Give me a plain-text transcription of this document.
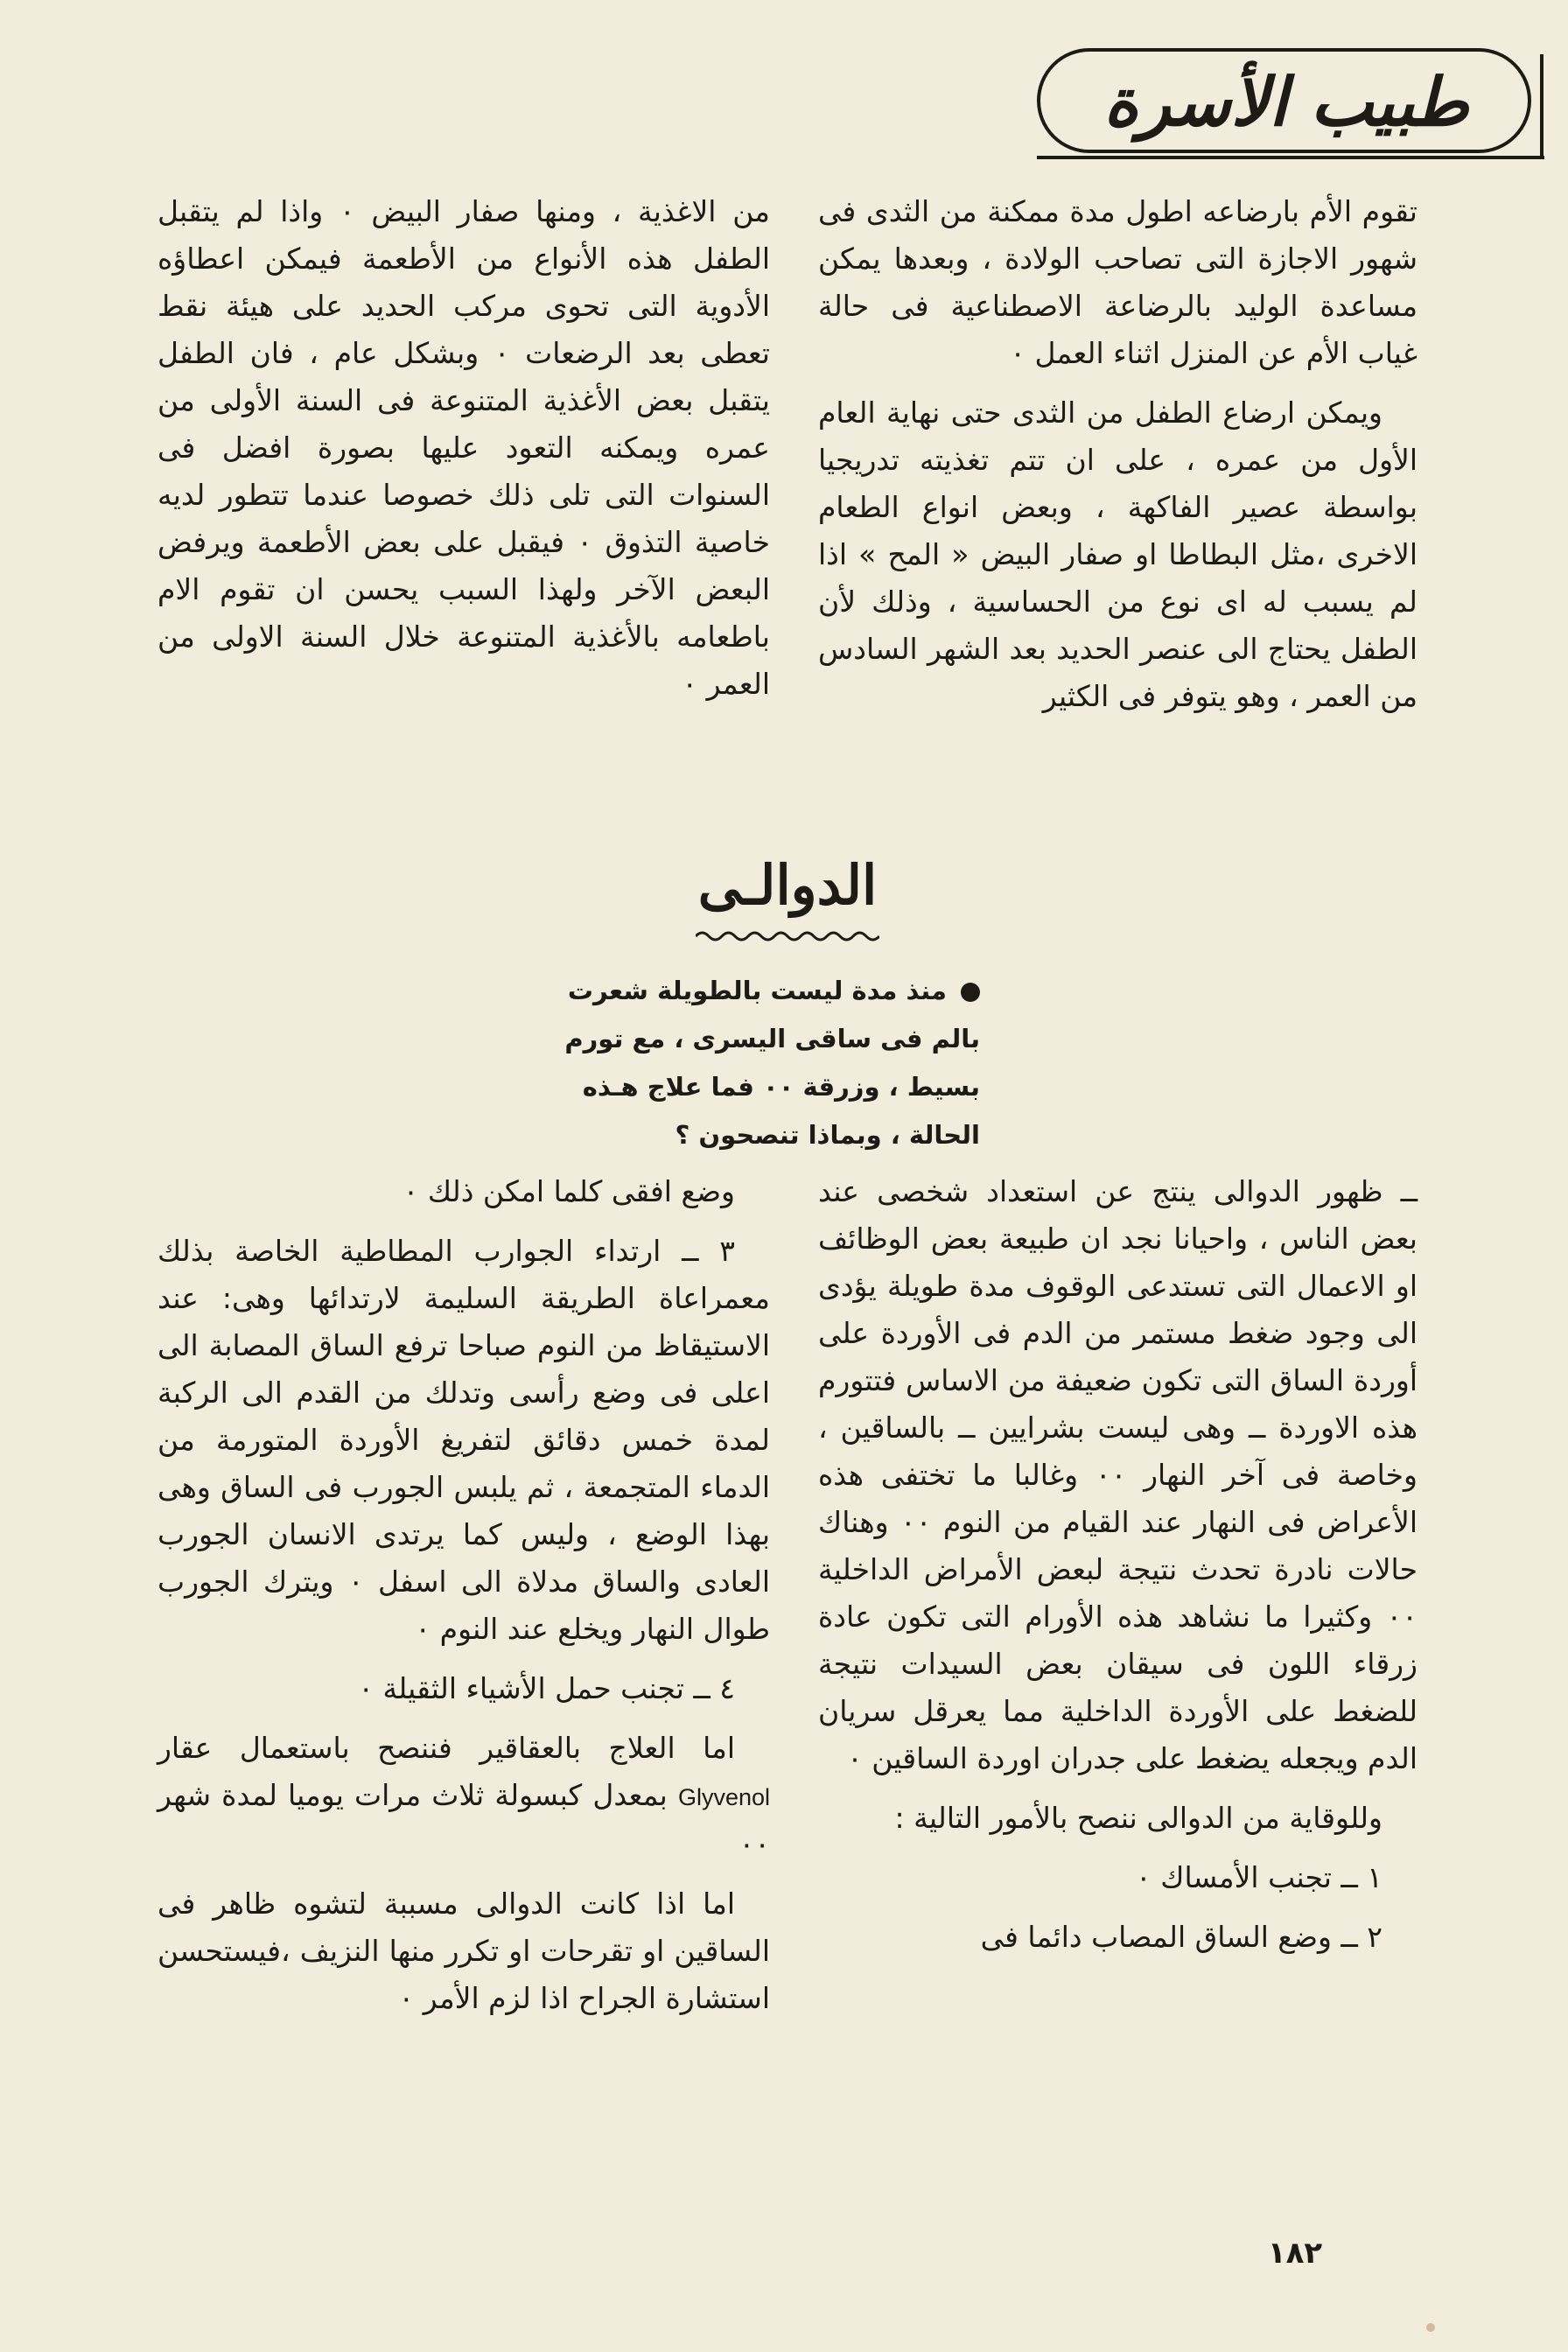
طبيب الأسرة

تقوم الأم بارضاعه اطول مدة ممكنة من الثدى فى شهور الاجازة التى تصاحب الولادة ، وبعدها يمكن مساعدة الوليد بالرضاعة الاصطناعية فى حالة غياب الأم عن المنزل اثناء العمل ٠

ويمكن ارضاع الطفل من الثدى حتى نهاية العام الأول من عمره ، على ان تتم تغذيته تدريجيا بواسطة عصير الفاكهة ، وبعض انواع الطعام الاخرى ،مثل البطاطا او صفار البيض « المح » اذا لم يسبب له اى نوع من الحساسية ، وذلك لأن الطفل يحتاج الى عنصر الحديد بعد الشهر السادس من العمر ، وهو يتوفر فى الكثير

من الاغذية ، ومنها صفار البيض ٠ واذا لم يتقبل الطفل هذه الأنواع من الأطعمة فيمكن اعطاؤه الأدوية التى تحوى مركب الحديد على هيئة نقط تعطى بعد الرضعات ٠ وبشكل عام ، فان الطفل يتقبل بعض الأغذية المتنوعة فى السنة الأولى من عمره ويمكنه التعود عليها بصورة افضل فى السنوات التى تلى ذلك خصوصا عندما تتطور لديه خاصية التذوق ٠ فيقبل على بعض الأطعمة ويرفض البعض الآخر ولهذا السبب يحسن ان تقوم الام باطعامه بالأغذية المتنوعة خلال السنة الاولى من العمر ٠

الدوالـى
منذ مدة ليست بالطويلة شعرت
بالم فى ساقى اليسرى ، مع تورم
بسيط ، وزرقة ٠٠ فما علاج هـذه
الحالة ، وبماذا تنصحون ؟

ــ ظهور الدوالى ينتج عن استعداد شخصى عند بعض الناس ، واحيانا نجد ان طبيعة بعض الوظائف او الاعمال التى تستدعى الوقوف مدة طويلة يؤدى الى وجود ضغط مستمر من الدم فى الأوردة على أوردة الساق التى تكون ضعيفة من الاساس فتتورم هذه الاوردة ــ وهى ليست بشرايين ــ بالساقين ، وخاصة فى آخر النهار ٠٠ وغالبا ما تختفى هذه الأعراض فى النهار عند القيام من النوم ٠٠ وهناك حالات نادرة تحدث نتيجة لبعض الأمراض الداخلية ٠٠ وكثيرا ما نشاهد هذه الأورام التى تكون عادة زرقاء اللون فى سيقان بعض السيدات نتيجة للضغط على الأوردة الداخلية مما يعرقل سريان الدم ويجعله يضغط على جدران اوردة الساقين ٠

وللوقاية من الدوالى ننصح بالأمور التالية :

١ ــ تجنب الأمساك ٠

٢ ــ وضع الساق المصاب دائما فى

وضع افقى كلما امكن ذلك ٠

٣ ــ ارتداء الجوارب المطاطية الخاصة بذلك معمراعاة الطريقة السليمة لارتدائها وهى: عند الاستيقاظ من النوم صباحا ترفع الساق المصابة الى اعلى فى وضع رأسى وتدلك من القدم الى الركبة لمدة خمس دقائق لتفريغ الأوردة المتورمة من الدماء المتجمعة ، ثم يلبس الجورب فى الساق وهى بهذا الوضع ، وليس كما يرتدى الانسان الجورب العادى والساق مدلاة الى اسفل ٠ ويترك الجورب طوال النهار ويخلع عند النوم ٠

٤ ــ تجنب حمل الأشياء الثقيلة ٠

اما العلاج بالعقاقير فننصح باستعمال عقار Glyvenol بمعدل كبسولة ثلاث مرات يوميا لمدة شهر ٠٠

اما اذا كانت الدوالى مسببة لتشوه ظاهر فى الساقين او تقرحات او تكرر منها النزيف ،فيستحسن استشارة الجراح اذا لزم الأمر ٠

١٨٢
